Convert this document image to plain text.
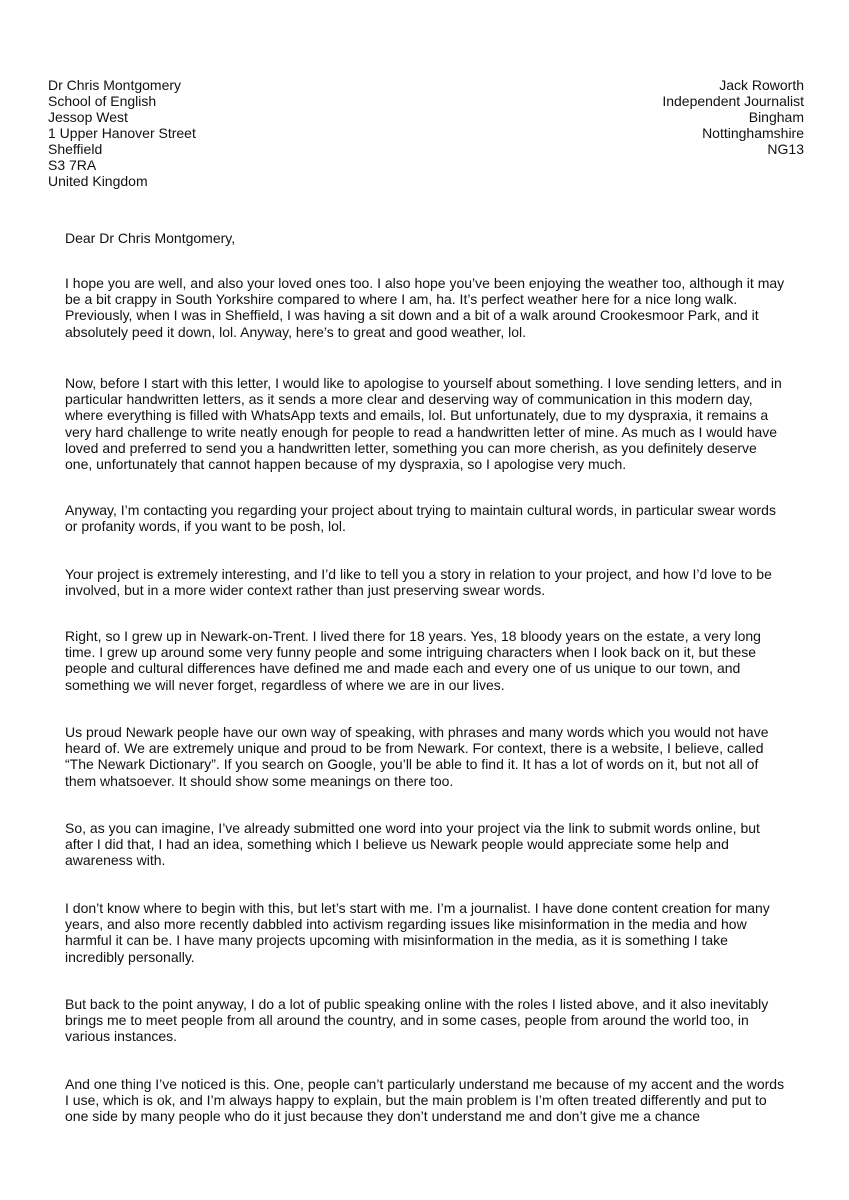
Dr Chris Montgomery
School of English
Jessop West
1 Upper Hanover Street
Sheffield
S3 7RA
United Kingdom
Jack Roworth
Independent Journalist
Bingham
Nottinghamshire
NG13
Dear Dr Chris Montgomery,

I hope you are well, and also your loved ones too. I also hope you’ve been enjoying the weather too, although it may be a bit crappy in South Yorkshire compared to where I am, ha. It’s perfect weather here for a nice long walk. Previously, when I was in Sheffield, I was having a sit down and a bit of a walk around Crookesmoor Park, and it absolutely peed it down, lol. Anyway, here’s to great and good weather, lol.

Now, before I start with this letter, I would like to apologise to yourself about something. I love sending letters, and in particular handwritten letters, as it sends a more clear and deserving way of communication in this modern day, where everything is filled with WhatsApp texts and emails, lol. But unfortunately, due to my dyspraxia, it remains a very hard challenge to write neatly enough for people to read a handwritten letter of mine. As much as I would have loved and preferred to send you a handwritten letter, something you can more cherish, as you definitely deserve one, unfortunately that cannot happen because of my dyspraxia, so I apologise very much.

Anyway, I’m contacting you regarding your project about trying to maintain cultural words, in particular swear words or profanity words, if you want to be posh, lol.

Your project is extremely interesting, and I’d like to tell you a story in relation to your project, and how I’d love to be involved, but in a more wider context rather than just preserving swear words.

Right, so I grew up in Newark-on-Trent. I lived there for 18 years. Yes, 18 bloody years on the estate, a very long time. I grew up around some very funny people and some intriguing characters when I look back on it, but these people and cultural differences have defined me and made each and every one of us unique to our town, and something we will never forget, regardless of where we are in our lives.

Us proud Newark people have our own way of speaking, with phrases and many words which you would not have heard of. We are extremely unique and proud to be from Newark. For context, there is a website, I believe, called “The Newark Dictionary”. If you search on Google, you’ll be able to find it. It has a lot of words on it, but not all of them whatsoever. It should show some meanings on there too.

So, as you can imagine, I’ve already submitted one word into your project via the link to submit words online, but after I did that, I had an idea, something which I believe us Newark people would appreciate some help and awareness with.

I don’t know where to begin with this, but let’s start with me. I’m a journalist. I have done content creation for many years, and also more recently dabbled into activism regarding issues like misinformation in the media and how harmful it can be. I have many projects upcoming with misinformation in the media, as it is something I take incredibly personally.

But back to the point anyway, I do a lot of public speaking online with the roles I listed above, and it also inevitably brings me to meet people from all around the country, and in some cases, people from around the world too, in various instances.

And one thing I’ve noticed is this. One, people can’t particularly understand me because of my accent and the words I use, which is ok, and I’m always happy to explain, but the main problem is I’m often treated differently and put to one side by many people who do it just because they don’t understand me and don’t give me a chance
